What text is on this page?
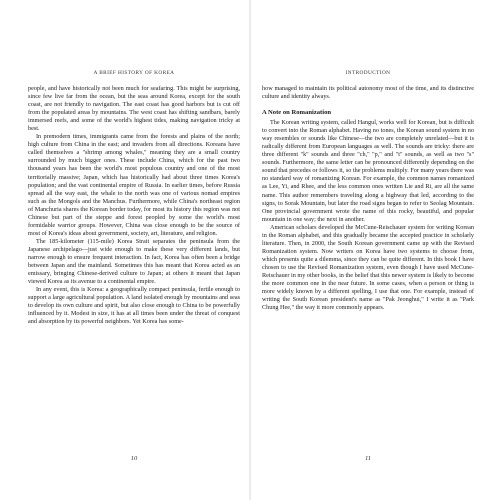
A BRIEF HISTORY OF KOREA

people, and have historically not been much for seafaring. This might be surprising, since few live far from the ocean, but the seas around Korea, except for the south coast, are not friendly to navigation. The east coast has good harbors but is cut off from the populated areas by mountains. The west coast has shifting sandbars, barely immersed reefs, and some of the world's highest tides, making navigation tricky at best.

In premodern times, immigrants came from the forests and plains of the north; high culture from China in the east; and invaders from all directions. Koreans have called themselves a "shrimp among whales," meaning they are a small country surrounded by much bigger ones. These include China, which for the past two thousand years has been the world's most populous country and one of the most territorially massive; Japan, which has historically had about three times Korea's population; and the vast continental empire of Russia. In earlier times, before Russia spread all the way east, the whale to the north was one of various nomad empires such as the Mongols and the Manchus. Furthermore, while China's northeast region of Manchuria shares the Korean border today, for most its history this region was not Chinese but part of the steppe and forest peopled by some the world's most formidable warrior groups. However, China was close enough to be the source of most of Korea's ideas about government, society, art, literature, and religion.

The 185-kilometer (115-mile) Korea Strait separates the peninsula from the Japanese archipelago—just wide enough to make these very different lands, but narrow enough to ensure frequent interaction. In fact, Korea has often been a bridge between Japan and the mainland. Sometimes this has meant that Korea acted as an emissary, bringing Chinese-derived culture to Japan; at others it meant that Japan viewed Korea as its avenue to a continental empire.

In any event, this is Korea: a geographically compact peninsula, fertile enough to support a large agricultural population. A land isolated enough by mountains and seas to develop its own culture and spirit, but also close enough to China to be powerfully influenced by it. Modest in size, it has at all times been under the threat of conquest and absorption by its powerful neighbors. Yet Korea has some-

10
INTRODUCTION

how managed to maintain its political autonomy most of the time, and its distinctive culture and identity always.

A Note on Romanization

The Korean writing system, called Hangul, works well for Korean, but is difficult to convert into the Roman alphabet. Having no tones, the Korean sound system in no way resembles or sounds like Chinese—the two are completely unrelated—but it is radically different from European languages as well. The sounds are tricky: there are three different "k" sounds and three "ch," "p," and "t" sounds, as well as two "s" sounds. Furthermore, the same letter can be pronounced differently depending on the sound that precedes or follows it, so the problems multiply. For many years there was no standard way of romanizing Korean. For example, the common names romanized as Lee, Yi, and Rhee, and the less common ones written Lie and Ri, are all the same name. This author remembers traveling along a highway that led, according to the signs, to Sorak Mountain, but later the road signs began to refer to Seolag Mountain. One provincial government wrote the name of this rocky, beautiful, and popular mountain in one way; the next in another.

American scholars developed the McCune-Reischauer system for writing Korean in the Roman alphabet, and this gradually became the accepted practice in scholarly literature. Then, in 2000, the South Korean government came up with the Revised Romanization system. Now writers on Korea have two systems to choose from, which presents quite a dilemma, since they can be quite different. In this book I have chosen to use the Revised Romanization system, even though I have used McCune-Reischauer in my other books, in the belief that this newer system is likely to become the more common one in the near future. In some cases, when a person or thing is more widely known by a different spelling, I use that one. For example, instead of writing the South Korean president's name as "Pak Jeonghui," I write it as "Park Chung Hee," the way it more commonly appears.

11
